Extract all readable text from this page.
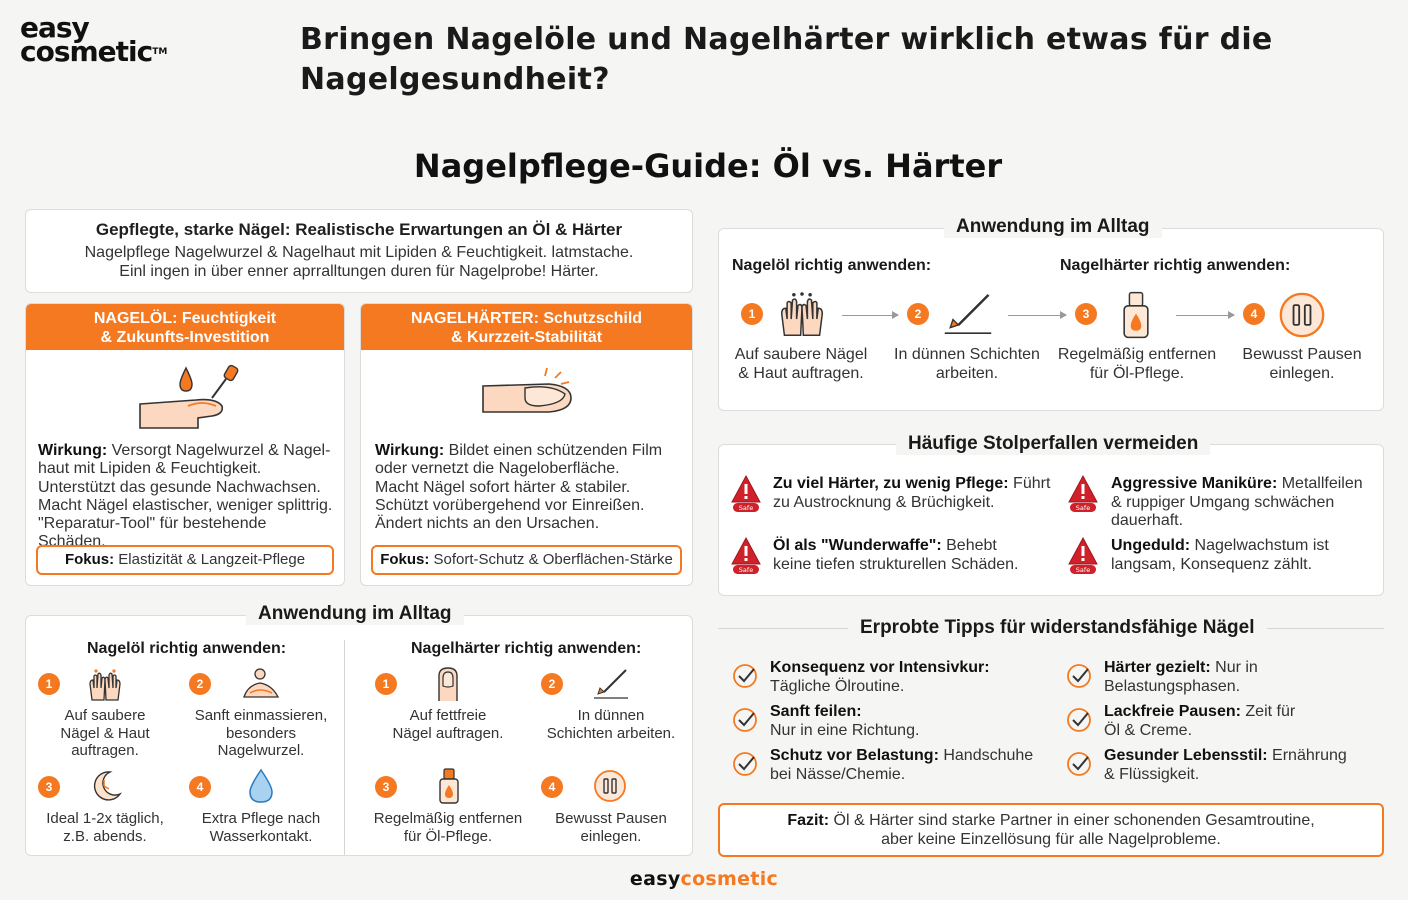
easy
cosmetic™	Bringen Nagelöle und Nagelhärter wirklich etwas für die
Nagelgesundheit?
Nagelpflege-Guide: Öl vs. Härter
Gepflegte, starke Nägel: Realistische Erwartungen an Öl & Härter
Nagelpflege Nagelwurzel & Nagelhaut mit Lipiden & Feuchtigkeit. latmstache.
Einl ingen in über enner aprralltungen duren für Nagelprobe! Härter.
NAGELÖL: Feuchtigkeit
& Zukunfts-Investition
Wirkung: Versorgt Nagelwurzel & Nagel-
haut mit Lipiden & Feuchtigkeit.
Unterstützt das gesunde Nachwachsen.
Macht Nägel elastischer, weniger splittrig.
"Reparatur-Tool" für bestehende Schäden.
Fokus: Elastizität & Langzeit-Pflege
NAGELHÄRTER: Schutzschild
& Kurzzeit-Stabilität
Wirkung: Bildet einen schützenden Film
oder vernetzt die Nageloberfläche.
Macht Nägel sofort härter & stabiler.
Schützt vorübergehend vor Einreißen.
Ändert nichts an den Ursachen.
Fokus: Sofort-Schutz & Oberflächen-Stärke
Anwendung im Alltag
Nagelöl richtig anwenden:	Nagelhärter richtig anwenden:
1
Auf saubere
Nägel & Haut
auftragen.
2
Sanft einmassieren,
besonders
Nagelwurzel.
3
Ideal 1-2x täglich,
z.B. abends.
4
Extra Pflege nach
Wasserkontakt.
1
Auf fettfreie
Nägel auftragen.
2
In dünnen
Schichten arbeiten.
3
Regelmäßig entfernen
für Öl-Pflege.
4
Bewusst Pausen
einlegen.
Anwendung im Alltag
Nagelöl richtig anwenden:	Nagelhärter richtig anwenden:
1	2	3	4
Auf saubere Nägel
& Haut auftragen.
In dünnen Schichten
arbeiten.
Regelmäßig entfernen
für Öl-Pflege.
Bewusst Pausen
einlegen.
Häufige Stolperfallen vermeiden
Safe
Zu viel Härter, zu wenig Pflege: Führt
zu Austrocknung & Brüchigkeit.	Safe
Aggressive Maniküre: Metallfeilen
& ruppiger Umgang schwächen
dauerhaft.
Safe
Öl als "Wunderwaffe": Behebt
keine tiefen strukturellen Schäden.	Safe
Ungeduld: Nagelwachstum ist
langsam, Konsequenz zählt.
Erprobte Tipps für widerstandsfähige Nägel
Konsequenz vor Intensivkur:
Tägliche Ölroutine.
Härter gezielt: Nur in
Belastungsphasen.
Sanft feilen:
Nur in eine Richtung.
Lackfreie Pausen: Zeit für
Öl & Creme.
Schutz vor Belastung: Handschuhe
bei Nässe/Chemie.
Gesunder Lebensstil: Ernährung
& Flüssigkeit.
Fazit: Öl & Härter sind starke Partner in einer schonenden Gesamtroutine,
aber keine Einzellösung für alle Nagelprobleme.
easycosmetic
